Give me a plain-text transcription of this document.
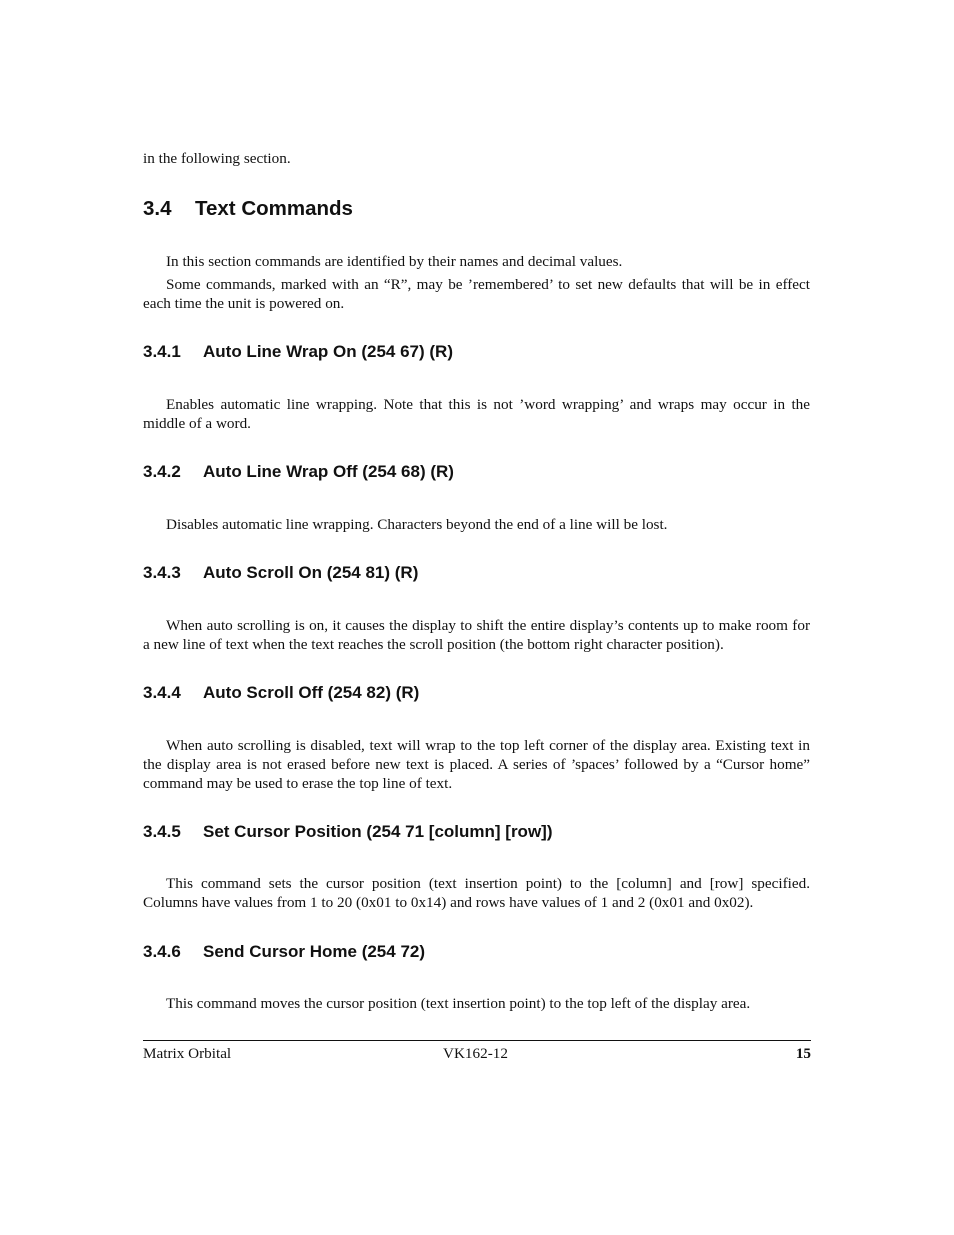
in the following section.

3.4 Text Commands

In this section commands are identified by their names and decimal values.

Some commands, marked with an “R”, may be ’remembered’ to set new defaults that will be in effect each time the unit is powered on.

3.4.1 Auto Line Wrap On (254 67) (R)

Enables automatic line wrapping. Note that this is not ’word wrapping’ and wraps may occur in the middle of a word.

3.4.2 Auto Line Wrap Off (254 68) (R)

Disables automatic line wrapping. Characters beyond the end of a line will be lost.

3.4.3 Auto Scroll On (254 81) (R)

When auto scrolling is on, it causes the display to shift the entire display’s contents up to make room for a new line of text when the text reaches the scroll position (the bottom right character position).

3.4.4 Auto Scroll Off (254 82) (R)

When auto scrolling is disabled, text will wrap to the top left corner of the display area. Existing text in the display area is not erased before new text is placed. A series of ’spaces’ followed by a “Cursor home” command may be used to erase the top line of text.

3.4.5 Set Cursor Position (254 71 [column] [row])

This command sets the cursor position (text insertion point) to the [column] and [row] specified. Columns have values from 1 to 20 (0x01 to 0x14) and rows have values of 1 and 2 (0x01 and 0x02).

3.4.6 Send Cursor Home (254 72)

This command moves the cursor position (text insertion point) to the top left of the display area.

Matrix Orbital	VK162-12	15
